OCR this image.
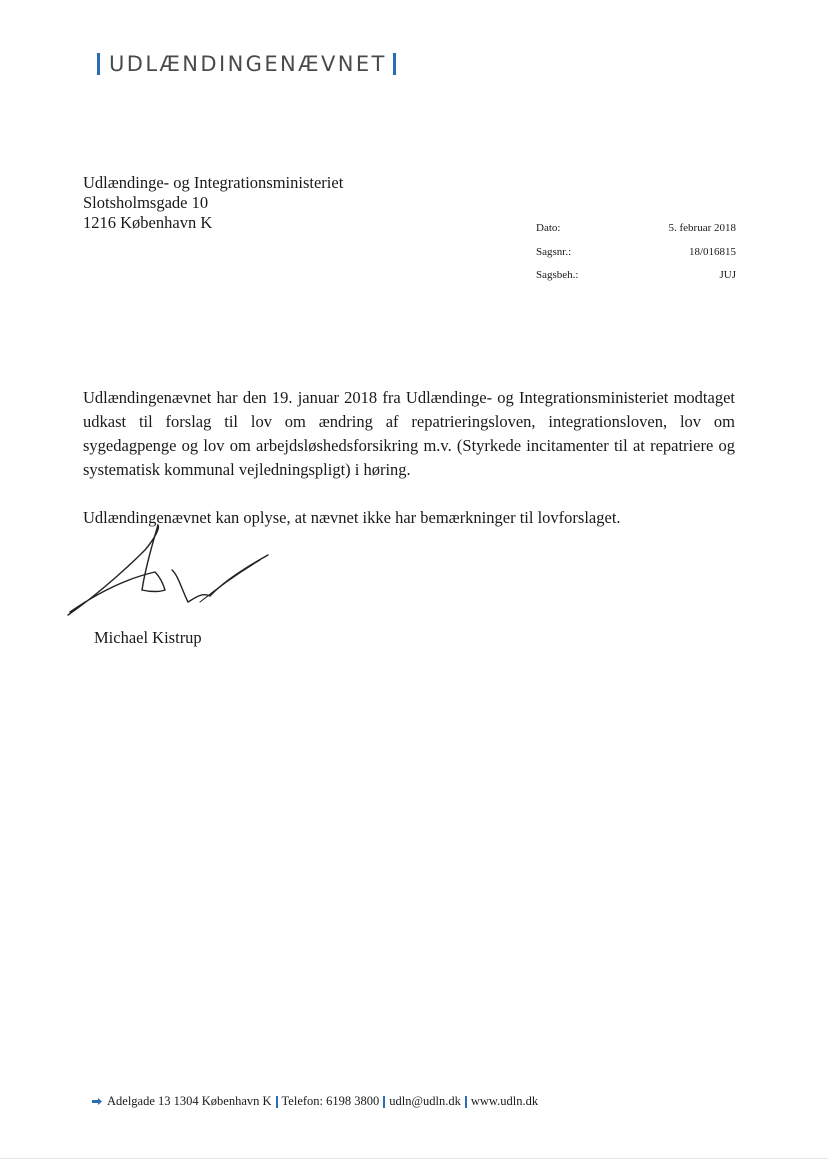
UDLÆNDINGENÆVNET
Udlændinge- og Integrationsministeriet
Slotsholmsgade 10
1216 København K	Dato:	5. februar 2018
Sagsnr.:	18/016815
Sagsbeh.:	JUJ
Udlændingenævnet har den 19. januar 2018 fra Udlændinge- og Integrationsministeriet modtaget udkast til forslag til lov om ændring af repatrieringsloven, integrationsloven, lov om sygedagpenge og lov om arbejdsløshedsforsikring m.v. (Styrkede incitamenter til at repatriere og systematisk kommunal vejledningspligt) i høring.
Udlændingenævnet kan oplyse, at nævnet ikke har bemærkninger til lovforslaget.
Michael Kistrup
Adelgade 13 1304 København K Telefon: 6198 3800 udln@udln.dk www.udln.dk
